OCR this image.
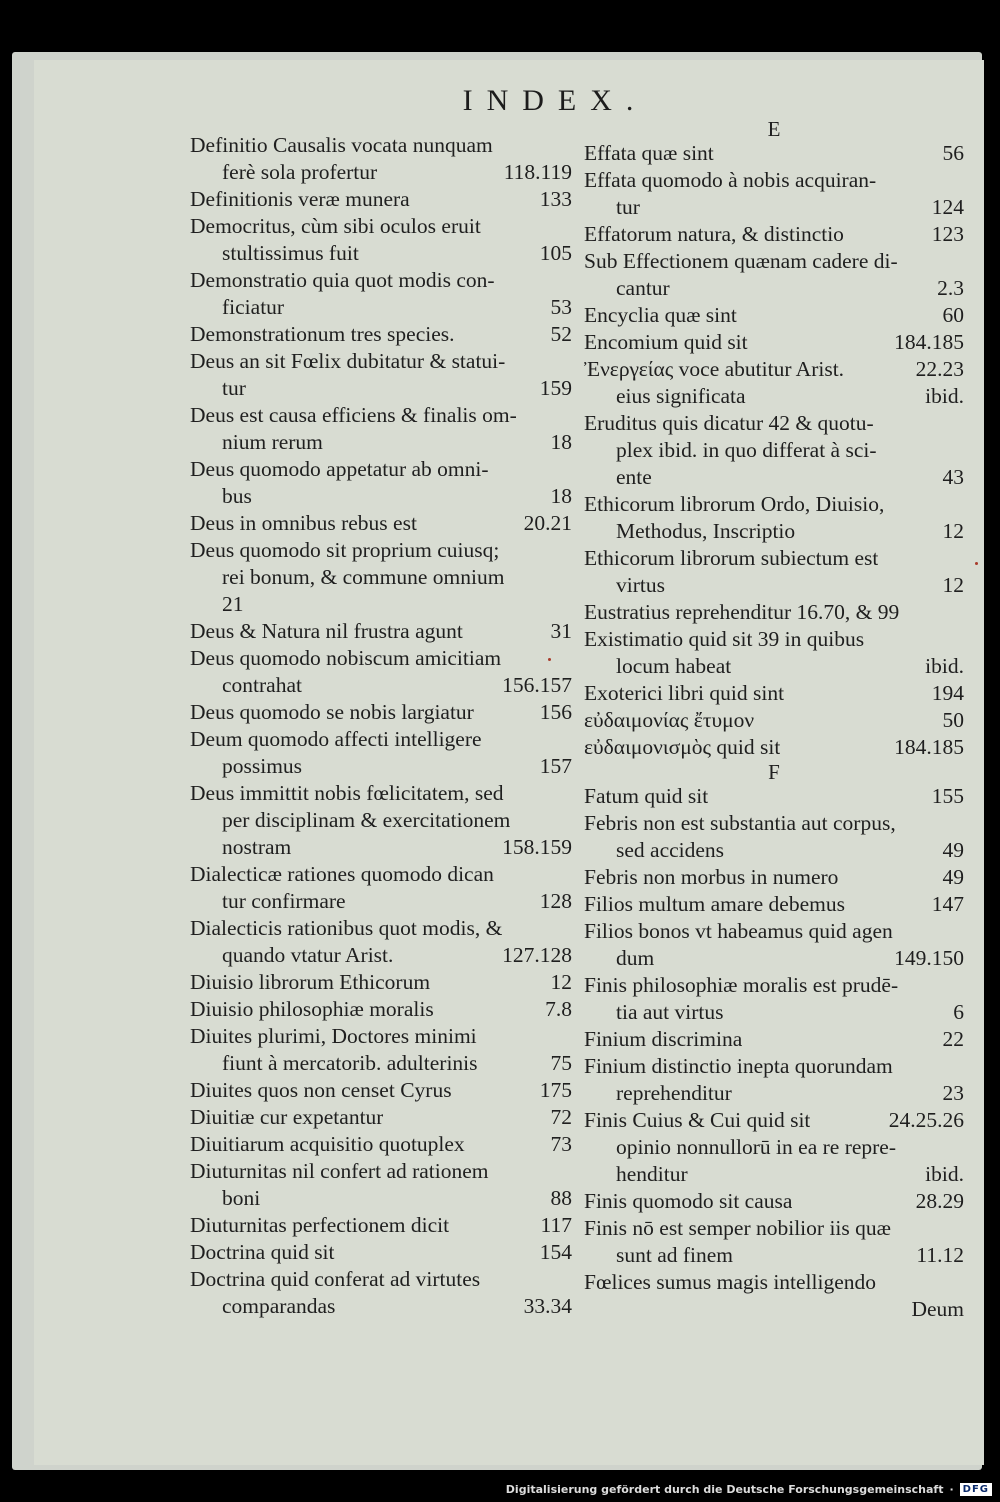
INDEX.
Definitio Causalis vocata nunquam
ferè sola profertur	118.119
Definitionis veræ munera	133
Democritus, cùm sibi oculos eruit
stultissimus fuit	105
Demonstratio quia quot modis con-
ficiatur	53
Demonstrationum tres species.	52
Deus an sit Fœlix dubitatur & statui-
tur	159
Deus est causa efficiens & finalis om-
nium rerum	18
Deus quomodo appetatur ab omni-
bus	18
Deus in omnibus rebus est	20.21
Deus quomodo sit proprium cuiusq;
rei bonum, & commune omnium
21
Deus & Natura nil frustra agunt	31
Deus quomodo nobiscum amicitiam
contrahat	156.157
Deus quomodo se nobis largiatur	156
Deum quomodo affecti intelligere
possimus	157
Deus immittit nobis fœlicitatem, sed
per disciplinam & exercitationem
nostram	158.159
Dialecticæ rationes quomodo dican
tur confirmare	128
Dialecticis rationibus quot modis, &
quando vtatur Arist.	127.128
Diuisio librorum Ethicorum	12
Diuisio philosophiæ moralis	7.8
Diuites plurimi, Doctores minimi
fiunt à mercatorib. adulterinis	75
Diuites quos non censet Cyrus	175
Diuitiæ cur expetantur	72
Diuitiarum acquisitio quotuplex	73
Diuturnitas nil confert ad rationem
boni	88
Diuturnitas perfectionem dicit	117
Doctrina quid sit	154
Doctrina quid conferat ad virtutes
comparandas	33.34
E
Effata quæ sint	56
Effata quomodo à nobis acquiran-
tur	124
Effatorum natura, & distinctio	123
Sub Effectionem quænam cadere di-
cantur	2.3
Encyclia quæ sint	60
Encomium quid sit	184.185
Ἐνεργείας voce abutitur Arist.	22.23
eius significata	ibid.
Eruditus quis dicatur 42 & quotu-
plex ibid. in quo differat à sci-
ente	43
Ethicorum librorum Ordo, Diuisio,
Methodus, Inscriptio	12
Ethicorum librorum subiectum est
virtus	12
Eustratius reprehenditur 16.70, & 99
Existimatio quid sit 39 in quibus
locum habeat	ibid.
Exoterici libri quid sint	194
εὐδαιμονίας ἔτυμον	50
εὐδαιμονισμὸς quid sit	184.185
F
Fatum quid sit	155
Febris non est substantia aut corpus,
sed accidens	49
Febris non morbus in numero	49
Filios multum amare debemus	147
Filios bonos vt habeamus quid agen
dum	149.150
Finis philosophiæ moralis est prudē-
tia aut virtus	6
Finium discrimina	22
Finium distinctio inepta quorundam
reprehenditur	23
Finis Cuius & Cui quid sit	24.25.26
opinio nonnullorū in ea re repre-
henditur	ibid.
Finis quomodo sit causa	28.29
Finis nō est semper nobilior iis quæ
sunt ad finem	11.12
Fœlices sumus magis intelligendo
Deum
Digitalisierung gefördert durch die Deutsche Forschungsgemeinschaft · DFG
